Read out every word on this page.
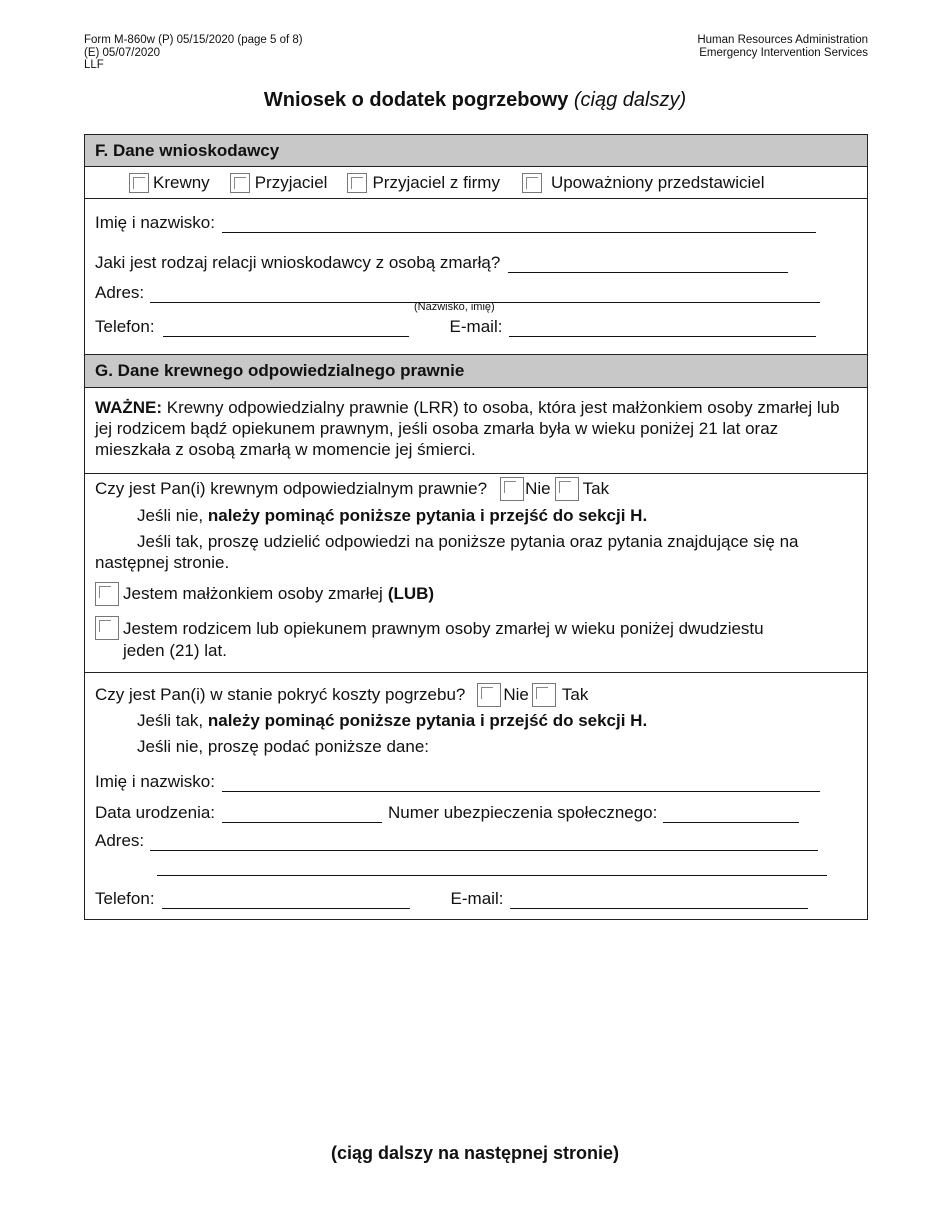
Form M-860w (P) 05/15/2020 (page 5 of 8)
(E) 05/07/2020
LLF
Human Resources Administration
Emergency Intervention Services
Wniosek o dodatek pogrzebowy (ciąg dalszy)
F. Dane wnioskodawcy
Krewny	Przyjaciel	Przyjaciel z firmy	Upoważniony przedstawiciel
Imię i nazwisko:
(Nazwisko, imię)
Jaki jest rodzaj relacji wnioskodawcy z osobą zmarłą?
Adres:
Telefon:	E-mail:
G. Dane krewnego odpowiedzialnego prawnie
WAŻNE: Krewny odpowiedzialny prawnie (LRR) to osoba, która jest małżonkiem osoby zmarłej lub jej rodzicem bądź opiekunem prawnym, jeśli osoba zmarła była w wieku poniżej 21 lat oraz mieszkała z osobą zmarłą w momencie jej śmierci.
Czy jest Pan(i) krewnym odpowiedzialnym prawnie? Nie Tak
Jeśli nie, należy pominąć poniższe pytania i przejść do sekcji H.
Jeśli tak, proszę udzielić odpowiedzi na poniższe pytania oraz pytania znajdujące się na następnej stronie.
Jestem małżonkiem osoby zmarłej (LUB)
Jestem rodzicem lub opiekunem prawnym osoby zmarłej w wieku poniżej dwudziestu
jeden (21) lat.
Czy jest Pan(i) w stanie pokryć koszty pogrzebu? Nie Tak
Jeśli tak, należy pominąć poniższe pytania i przejść do sekcji H.
Jeśli nie, proszę podać poniższe dane:
Imię i nazwisko:
Data urodzenia:	Numer ubezpieczenia społecznego:
Adres:
Telefon:	E-mail:
(ciąg dalszy na następnej stronie)
